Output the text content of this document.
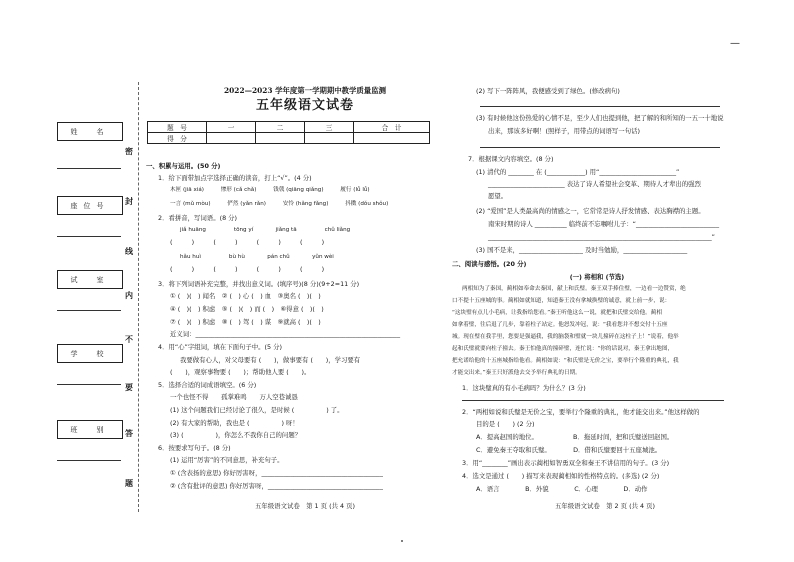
—
姓　名
座位号
试　室
学　校
班　别
密
封
线
内
不
要
答
题
2022—2023 学年度第一学期期中教学质量监测
五年级语文试卷
题　号	一	二	三	合　计
得　分				
一、积累与运用。(50 分)
1．给下面带加点字选择正确的读音，打上“√”。(4 分)
木匣 (jiā xiá)　　　惨形 (cǎ chǎ)　　　钱戟 (qiāng qiǎng)　　　履行 (lǚ lǚ)
一言 (mǔ mòu)　　　俨然 (yǎn rǎn)　　　安怜 (hǎng fǎng)　　　抖擞 (dǒu shǒu)
2．看拼音，写词语。(8 分)
jiǎ huāng　　　　　tōng yí　　　　jiǎng tā　　　　　chǔ liǎng
(　　　)　　　(　　　)　　　(　　　)　　　(　　　)
hǎu huì　　　　　bù hù　　　　pán chǔ　　　　yǔn wèi
(　　　)　　　(　　　)　　　(　　　)　　　(　　　)
3．将下列词语补充完整，并找出意义词。(填序号)(8 分)(9+2=11 分)
① (　)(　) 闻名　② (　) 心 (　) 血　③奥名 (　)(　)
④ (　)(　) 积虑　⑤ (　)(　) 而 (　)　⑥得意 (　)(　)
⑦ (　)(　) 积虑　⑧ (　) 驾 (　) 谋　⑨就高 (　)(　)
近义词：________________________________________________________________
4．用“心”字组词，填在下面句子中。(5 分)
我要做有心人，对父母要有 (　　)，做事要有 (　　)，学习要有
(　　)，观察事物要 (　　)；帮助他人要 (　　)。
5．选择合适的词成语填空。(6 分)
一个也怪不得　　孤掌难鸣　　万人空巷诚恳
(1) 这个问题我们已经讨论了很久，是时候 (　　　　　) 了。
(2) 有大家的帮助，我也是 (　　　　　) 呀！
(3) (　　　　　)，你怎么不我你自己的问题？
6．按要求写句子。(8 分)
(1) 运用“厉害”的不同意思，补充句子。
① (含表扬的意思) 你好厉害呀，______________________________________
② (含有批评的意思) 你好厉害呀，____________________________________
五年级语文试卷　第 1 页 (共 4 页)
(2) 写下一阵阵风，我便感受到了绿色。(修改病句)
(3) 有时候他这份热爱的心情不足，至少人们也提到他，把了解的和所知的一五一十地说
出来，那该多好啊！(照样子，用带点的词语写一句话)
7．根据课文内容填空。(8 分)
(1) 清代的 ________ 在 (____________) 用“________________________”
________________________ 表达了诗人希望社会变革、期待人才辈出的强烈
愿望。
(2) “爱国”是人类最高尚的情感之一，它常常是诗人抒发情感、表达胸襟的主题。
南宋时期的诗人 __________ 临终前不忘嘱咐儿子：“__________________________
______________________________________________________________________”
(3) 国不是来，____________________ 及时当勉励，____________________
二、阅读与感悟。(20 分)
(一) 将相和 (节选)
两相知为了秦国，蔺相如奉命去秦国，献上和氏璧。秦王双手捧住璧，一边看一边赞赏，绝
口不提十五座城的事。蔺相如就知道，知道秦王没有拿城换璧的诚意，就上前一步，说：
“这块璧有点儿小毛病，让我指给您看。”秦王听他这么一说，就把和氏璧交给他。蔺相
如拿着璧，往后退了几步，靠着柱子站定。他怒发冲冠，说：“我看您并不想交付十五座
城。现在璧在我手里，您要是强逼我，我的脑袋和璧就一块儿撞碎在这柱子上！”说着，他举
起和氏璧就要向柱子撞去。秦王怕他真的撞碎璧，连忙说：“你的话说对，秦王拿出地图，
把允诺给他的十五座城指给他看。蔺相如说：“和氏璧是无价之宝，要举行个隆重的典礼，我
才能交出来。”秦王只好派他去交予举行典礼的日期。
1．这块璧真的有小毛病吗？为什么？(3 分)
2．“两相如说和氏璧是无价之宝，要举行个隆重的典礼，他才能交出来。”他这样做的
目的是 (　　) (2 分)
A．提高赵国的地位。　　　　　　B．拖延时间，把和氏璧送回赵国。
C．避免秦王夺取和氏璧。　　　　D．借和氏璧要回十五座城池。
3．用“________”画出表示蔺相如智勇双全和秦王不讲信用的句子。(3 分)
4．选文是通过 (　　) 描写来表现蔺相如的性格特点的。(多选) (2 分)
A．语言　　　　B．外貌　　　　C．心理　　　　D．动作
五年级语文试卷　第 2 页 (共 4 页)
